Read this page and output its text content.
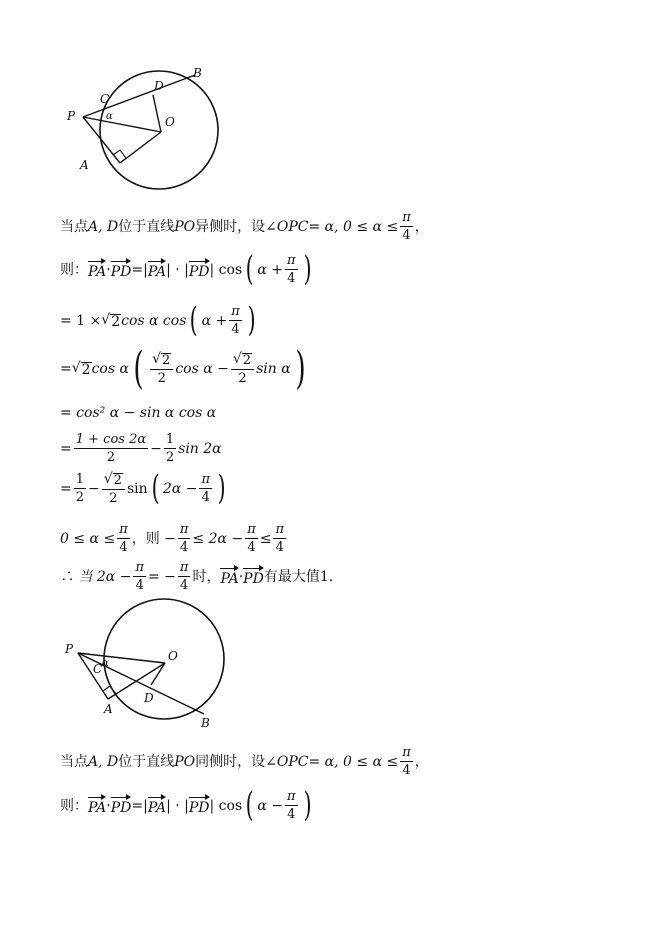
P
C
D
B
O
A
α
当点 A, D 位于直线 PO 异侧时，设∠ OPC = α, $0 \le \alpha \le \frac{\pi}{4}$ ，
则： PA · PD =| PA | · | PD | cos ( $\alpha + \frac{\pi}{4}$ )
= 1 × √ 2 cos α cos ( $\alpha + \frac{\pi}{4}$ )
= √ 2 cos α ( $\frac{√ 2}{2}$ $\cos \alpha - \frac{√ 2}{2}$ sin α )
= cos² α − sin α cos α
= $\frac{1 + \cos 2\alpha}{2} - \frac{1}{2}$ sin 2α
= $\frac{1}{2} - \frac{√ 2}{2}$ sin ( $2\alpha - \frac{\pi}{4}$ )
$0 \le \alpha \le \frac{\pi}{4}$ ，则 − $\frac{\pi}{4} \le 2\alpha - \frac{\pi}{4} \le \frac{\pi}{4}$
∴ 当 $2\alpha - \frac{\pi}{4}$ = − $\frac{\pi}{4}$ 时， PA · PD 有最大值1.
P
C
O
A
D
B
α
当点 A, D 位于直线 PO 同侧时，设∠ OPC = α, $0 \le \alpha \le \frac{\pi}{4}$ ，
则： PA · PD =| PA | · | PD | cos ( $\alpha - \frac{\pi}{4}$ )
